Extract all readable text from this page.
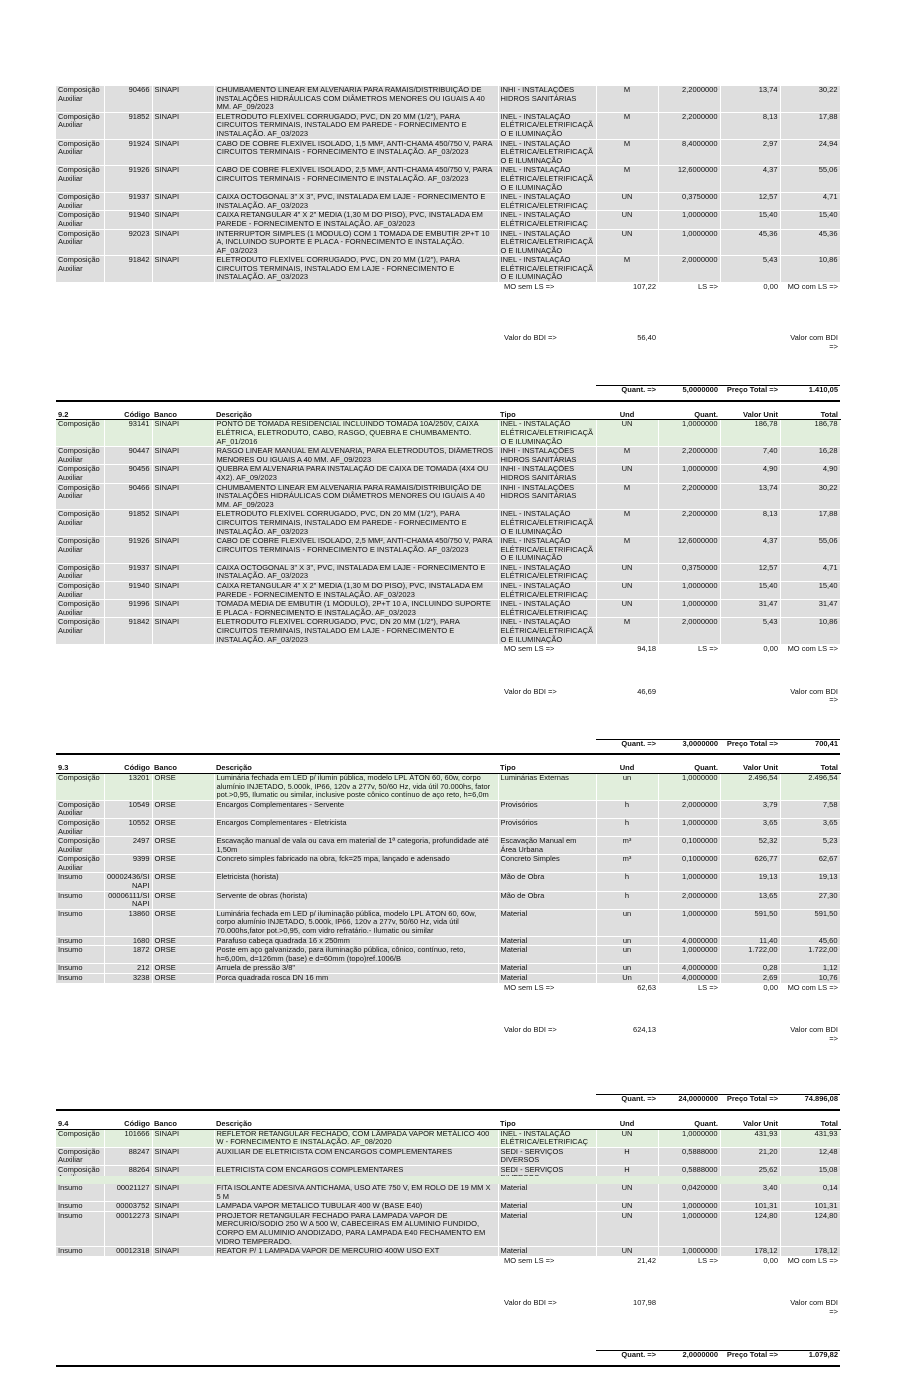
Composição Auxiliar	90466	SINAPI	CHUMBAMENTO LINEAR EM ALVENARIA PARA RAMAIS/DISTRIBUIÇÃO DE INSTALAÇÕES HIDRÁULICAS COM DIÂMETROS MENORES OU IGUAIS A 40 MM. AF_09/2023	INHI - INSTALAÇÕES HIDROS SANITÁRIAS	M	2,2000000	13,74	30,22	
Composição Auxiliar	91852	SINAPI	ELETRODUTO FLEXÍVEL CORRUGADO, PVC, DN 20 MM (1/2"), PARA CIRCUITOS TERMINAIS, INSTALADO EM PAREDE - FORNECIMENTO E INSTALAÇÃO. AF_03/2023	INEL - INSTALAÇÃO ELÉTRICA/ELETRIFICAÇÃO E ILUMINAÇÃO	M	2,2000000	8,13	17,88	
Composição Auxiliar	91924	SINAPI	CABO DE COBRE FLEXÍVEL ISOLADO, 1,5 MM², ANTI-CHAMA 450/750 V, PARA CIRCUITOS TERMINAIS - FORNECIMENTO E INSTALAÇÃO. AF_03/2023	INEL - INSTALAÇÃO ELÉTRICA/ELETRIFICAÇÃO E ILUMINAÇÃO	M	8,4000000	2,97	24,94	
Composição Auxiliar	91926	SINAPI	CABO DE COBRE FLEXÍVEL ISOLADO, 2,5 MM², ANTI-CHAMA 450/750 V, PARA CIRCUITOS TERMINAIS - FORNECIMENTO E INSTALAÇÃO. AF_03/2023	INEL - INSTALAÇÃO ELÉTRICA/ELETRIFICAÇÃO E ILUMINAÇÃO	M	12,6000000	4,37	55,06	
Composição Auxiliar	91937	SINAPI	CAIXA OCTOGONAL 3" X 3", PVC, INSTALADA EM LAJE - FORNECIMENTO E INSTALAÇÃO. AF_03/2023	INEL - INSTALAÇÃO ELÉTRICA/ELETRIFICAÇ	UN	0,3750000	12,57	4,71	
Composição Auxiliar	91940	SINAPI	CAIXA RETANGULAR 4" X 2" MÉDIA (1,30 M DO PISO), PVC, INSTALADA EM PAREDE - FORNECIMENTO E INSTALAÇÃO. AF_03/2023	INEL - INSTALAÇÃO ELÉTRICA/ELETRIFICAÇ	UN	1,0000000	15,40	15,40	
Composição Auxiliar	92023	SINAPI	INTERRUPTOR SIMPLES (1 MÓDULO) COM 1 TOMADA DE EMBUTIR 2P+T 10 A, INCLUINDO SUPORTE E PLACA - FORNECIMENTO E INSTALAÇÃO. AF_03/2023	INEL - INSTALAÇÃO ELÉTRICA/ELETRIFICAÇÃO E ILUMINAÇÃO	UN	1,0000000	45,36	45,36	
Composição Auxiliar	91842	SINAPI	ELETRODUTO FLEXÍVEL CORRUGADO, PVC, DN 20 MM (1/2"), PARA CIRCUITOS TERMINAIS, INSTALADO EM LAJE - FORNECIMENTO E INSTALAÇÃO. AF_03/2023	INEL - INSTALAÇÃO ELÉTRICA/ELETRIFICAÇÃO E ILUMINAÇÃO	M	2,0000000	5,43	10,86	
				MO sem LS =>	107,22	LS =>	0,00	MO com LS =>	
				Valor do BDI =>	56,40			Valor com BDI =>	
					Quant. =>	5,0000000	Preço Total =>	1.410,05	

9.2	Código	Banco	Descrição	Tipo	Und	Quant.	Valor Unit	Total	
Composição	93141	SINAPI	PONTO DE TOMADA RESIDENCIAL INCLUINDO TOMADA 10A/250V, CAIXA ELÉTRICA, ELETRODUTO, CABO, RASGO, QUEBRA E CHUMBAMENTO. AF_01/2016	INEL - INSTALAÇÃO ELÉTRICA/ELETRIFICAÇÃO E ILUMINAÇÃO	UN	1,0000000	186,78	186,78	
Composição Auxiliar	90447	SINAPI	RASGO LINEAR MANUAL EM ALVENARIA, PARA ELETRODUTOS, DIÂMETROS MENORES OU IGUAIS A 40 MM. AF_09/2023	INHI - INSTALAÇÕES HIDROS SANITÁRIAS	M	2,2000000	7,40	16,28	
Composição Auxiliar	90456	SINAPI	QUEBRA EM ALVENARIA PARA INSTALAÇÃO DE CAIXA DE TOMADA (4X4 OU 4X2). AF_09/2023	INHI - INSTALAÇÕES HIDROS SANITÁRIAS	UN	1,0000000	4,90	4,90	
Composição Auxiliar	90466	SINAPI	CHUMBAMENTO LINEAR EM ALVENARIA PARA RAMAIS/DISTRIBUIÇÃO DE INSTALAÇÕES HIDRÁULICAS COM DIÂMETROS MENORES OU IGUAIS A 40 MM. AF_09/2023	INHI - INSTALAÇÕES HIDROS SANITÁRIAS	M	2,2000000	13,74	30,22	
Composição Auxiliar	91852	SINAPI	ELETRODUTO FLEXÍVEL CORRUGADO, PVC, DN 20 MM (1/2"), PARA CIRCUITOS TERMINAIS, INSTALADO EM PAREDE - FORNECIMENTO E INSTALAÇÃO. AF_03/2023	INEL - INSTALAÇÃO ELÉTRICA/ELETRIFICAÇÃO E ILUMINAÇÃO	M	2,2000000	8,13	17,88	
Composição Auxiliar	91926	SINAPI	CABO DE COBRE FLEXÍVEL ISOLADO, 2,5 MM², ANTI-CHAMA 450/750 V, PARA CIRCUITOS TERMINAIS - FORNECIMENTO E INSTALAÇÃO. AF_03/2023	INEL - INSTALAÇÃO ELÉTRICA/ELETRIFICAÇÃO E ILUMINAÇÃO	M	12,6000000	4,37	55,06	
Composição Auxiliar	91937	SINAPI	CAIXA OCTOGONAL 3" X 3", PVC, INSTALADA EM LAJE - FORNECIMENTO E INSTALAÇÃO. AF_03/2023	INEL - INSTALAÇÃO ELÉTRICA/ELETRIFICAÇ	UN	0,3750000	12,57	4,71	
Composição Auxiliar	91940	SINAPI	CAIXA RETANGULAR 4" X 2" MÉDIA (1,30 M DO PISO), PVC, INSTALADA EM PAREDE - FORNECIMENTO E INSTALAÇÃO. AF_03/2023	INEL - INSTALAÇÃO ELÉTRICA/ELETRIFICAÇ	UN	1,0000000	15,40	15,40	
Composição Auxiliar	91996	SINAPI	TOMADA MÉDIA DE EMBUTIR (1 MÓDULO), 2P+T 10 A, INCLUINDO SUPORTE E PLACA - FORNECIMENTO E INSTALAÇÃO. AF_03/2023	INEL - INSTALAÇÃO ELÉTRICA/ELETRIFICAÇ	UN	1,0000000	31,47	31,47	
Composição Auxiliar	91842	SINAPI	ELETRODUTO FLEXÍVEL CORRUGADO, PVC, DN 20 MM (1/2"), PARA CIRCUITOS TERMINAIS, INSTALADO EM LAJE - FORNECIMENTO E INSTALAÇÃO. AF_03/2023	INEL - INSTALAÇÃO ELÉTRICA/ELETRIFICAÇÃO E ILUMINAÇÃO	M	2,0000000	5,43	10,86	
				MO sem LS =>	94,18	LS =>	0,00	MO com LS =>	
				Valor do BDI =>	46,69			Valor com BDI =>	
					Quant. =>	3,0000000	Preço Total =>	700,41	

9.3	Código	Banco	Descrição	Tipo	Und	Quant.	Valor Unit	Total	
Composição	13201	ORSE	Luminária fechada em LED p/ ilumin pública, modelo LPL ÁTON 60, 60w, corpo alumínio INJETADO, 5.000k, IP66, 120v a 277v, 50/60 Hz, vida útil 70.000hs, fator pot.>0,95, Ilumatic ou similar, inclusive poste cônico contínuo de aço reto, h=6,0m	Luminárias Externas	un	1,0000000	2.496,54	2.496,54	
Composição Auxiliar	10549	ORSE	Encargos Complementares - Servente	Provisórios	h	2,0000000	3,79	7,58	
Composição Auxiliar	10552	ORSE	Encargos Complementares - Eletricista	Provisórios	h	1,0000000	3,65	3,65	
Composição Auxiliar	2497	ORSE	Escavação manual de vala ou cava em material de 1ª categoria, profundidade até 1,50m	Escavação Manual em Área Urbana	m³	0,1000000	52,32	5,23	
Composição Auxiliar	9399	ORSE	Concreto simples fabricado na obra, fck=25 mpa, lançado e adensado	Concreto Simples	m³	0,1000000	626,77	62,67	
Insumo	00002436/SINAPI	ORSE	Eletricista (horista)	Mão de Obra	h	1,0000000	19,13	19,13	
Insumo	00006111/SINAPI	ORSE	Servente de obras (horista)	Mão de Obra	h	2,0000000	13,65	27,30	
Insumo	13860	ORSE	Luminária fechada em LED p/ iluminação pública, modelo LPL ÁTON 60, 60w, corpo alumínio INJETADO, 5.000k, IP66, 120v a 277v, 50/60 Hz, vida útil 70.000hs,fator pot.>0,95, com vidro refratário.- Ilumatic ou similar	Material	un	1,0000000	591,50	591,50	
Insumo	1680	ORSE	Parafuso cabeça quadrada 16 x 250mm	Material	un	4,0000000	11,40	45,60	
Insumo	1872	ORSE	Poste em aço galvanizado, para iluminação pública, cônico, contínuo, reto, h=6,00m, d=126mm (base) e d=60mm (topo)ref.1006/B	Material	un	1,0000000	1.722,00	1.722,00	
Insumo	212	ORSE	Arruela de pressão 3/8"	Material	un	4,0000000	0,28	1,12	
Insumo	3238	ORSE	Porca quadrada rosca DN 16 mm	Material	Un	4,0000000	2,69	10,76	
				MO sem LS =>	62,63	LS =>	0,00	MO com LS =>	
				Valor do BDI =>	624,13			Valor com BDI =>	
					Quant. =>	24,0000000	Preço Total =>	74.896,08	

9.4	Código	Banco	Descrição	Tipo	Und	Quant.	Valor Unit	Total	
Composição	101666	SINAPI	REFLETOR RETANGULAR FECHADO, COM LÂMPADA VAPOR METÁLICO 400 W - FORNECIMENTO E INSTALAÇÃO. AF_08/2020	INEL - INSTALAÇÃO ELÉTRICA/ELETRIFICAÇ	UN	1,0000000	431,93	431,93	
Composição Auxiliar	88247	SINAPI	AUXILIAR DE ELETRICISTA COM ENCARGOS COMPLEMENTARES	SEDI - SERVIÇOS DIVERSOS	H	0,5888000	21,20	12,48	
Composição	88264	SINAPI	ELETRICISTA COM ENCARGOS COMPLEMENTARES	SEDI - SERVIÇOS	H	0,5888000	25,62	15,08	
Insumo	00021127	SINAPI	FITA ISOLANTE ADESIVA ANTICHAMA, USO ATE 750 V, EM ROLO DE 19 MM X 5 M	Material	UN	0,0420000	3,40	0,14	
Insumo	00003752	SINAPI	LAMPADA VAPOR METALICO TUBULAR 400 W (BASE E40)	Material	UN	1,0000000	101,31	101,31	
Insumo	00012273	SINAPI	PROJETOR RETANGULAR FECHADO PARA LAMPADA VAPOR DE MERCURIO/SODIO 250 W A 500 W, CABECEIRAS EM ALUMINIO FUNDIDO, CORPO EM ALUMINIO ANODIZADO, PARA LAMPADA E40 FECHAMENTO EM VIDRO TEMPERADO.	Material	UN	1,0000000	124,80	124,80	
Insumo	00012318	SINAPI	REATOR P/ 1 LAMPADA VAPOR DE MERCURIO 400W USO EXT	Material	UN	1,0000000	178,12	178,12	
				MO sem LS =>	21,42	LS =>	0,00	MO com LS =>	
				Valor do BDI =>	107,98			Valor com BDI =>	
					Quant. =>	2,0000000	Preço Total =>	1.079,82	
